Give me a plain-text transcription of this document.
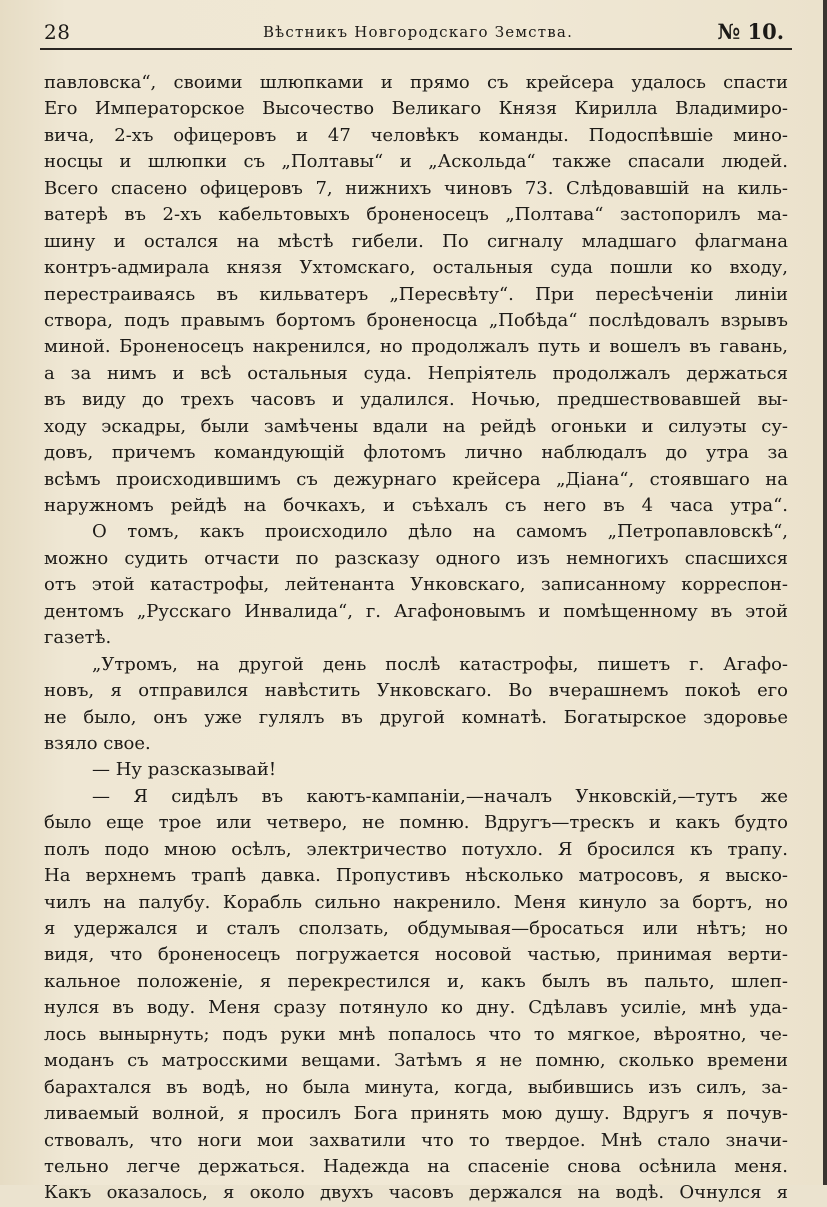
28	Вѣстникъ Новгородскаго Земства.	№ 10.
павловска“, своими шлюпками и прямо съ крейсера удалось спасти
Его Императорское Высочество Великаго Князя Кирилла Владимиро-
вича, 2-хъ офицеровъ и 47 человѣкъ команды. Подоспѣвшіе мино-
носцы и шлюпки съ „Полтавы“ и „Аскольда“ также спасали людей.
Всего спасено офицеровъ 7, нижнихъ чиновъ 73. Слѣдовавшій на киль-
ватерѣ въ 2-хъ кабельтовыхъ броненосецъ „Полтава“ застопорилъ ма-
шину и остался на мѣстѣ гибели. По сигналу младшаго флагмана
контръ-адмирала князя Ухтомскаго, остальныя суда пошли ко входу,
перестраиваясь въ кильватеръ „Пересвѣту“. При пересѣченіи линіи
створа, подъ правымъ бортомъ броненосца „Побѣда“ послѣдовалъ взрывъ
миной. Броненосецъ накренился, но продолжалъ путь и вошелъ въ гавань,
а за нимъ и всѣ остальныя суда. Непріятель продолжалъ держаться
въ виду до трехъ часовъ и удалился. Ночью, предшествовавшей вы-
ходу эскадры, были замѣчены вдали на рейдѣ огоньки и силуэты су-
довъ, причемъ командующій флотомъ лично наблюдалъ до утра за
всѣмъ происходившимъ съ дежурнаго крейсера „Діана“, стоявшаго на
наружномъ рейдѣ на бочкахъ, и съѣхалъ съ него въ 4 часа утра“.
О томъ, какъ происходило дѣло на самомъ „Петропавловскѣ“,
можно судить отчасти по разсказу одного изъ немногихъ спасшихся
отъ этой катастрофы, лейтенанта Унковскаго, записанному корреспон-
дентомъ „Русскаго Инвалида“, г. Агафоновымъ и помѣщенному въ этой
газетѣ.
„Утромъ, на другой день послѣ катастрофы, пишетъ г. Агафо-
новъ, я отправился навѣстить Унковскаго. Во вчерашнемъ покоѣ его
не было, онъ уже гулялъ въ другой комнатѣ. Богатырское здоровье
взяло свое.
— Ну разсказывай!
— Я сидѣлъ въ каютъ-кампаніи,—началъ Унковскій,—тутъ же
было еще трое или четверо, не помню. Вдругъ—трескъ и какъ будто
полъ подо мною осѣлъ, электричество потухло. Я бросился къ трапу.
На верхнемъ трапѣ давка. Пропустивъ нѣсколько матросовъ, я выско-
чилъ на палубу. Корабль сильно накренило. Меня кинуло за бортъ, но
я удержался и сталъ сползать, обдумывая—бросаться или нѣтъ; но
видя, что броненосецъ погружается носовой частью, принимая верти-
кальное положеніе, я перекрестился и, какъ былъ въ пальто, шлеп-
нулся въ воду. Меня сразу потянуло ко дну. Сдѣлавъ усиліе, мнѣ уда-
лось вынырнуть; подъ руки мнѣ попалось что то мягкое, вѣроятно, че-
моданъ съ матросскими вещами. Затѣмъ я не помню, сколько времени
барахтался въ водѣ, но была минута, когда, выбившись изъ силъ, за-
ливаемый волной, я просилъ Бога принять мою душу. Вдругъ я почув-
ствовалъ, что ноги мои захватили что то твердое. Мнѣ стало значи-
тельно легче держаться. Надежда на спасеніе снова осѣнила меня.
Какъ оказалось, я около двухъ часовъ держался на водѣ. Очнулся я
